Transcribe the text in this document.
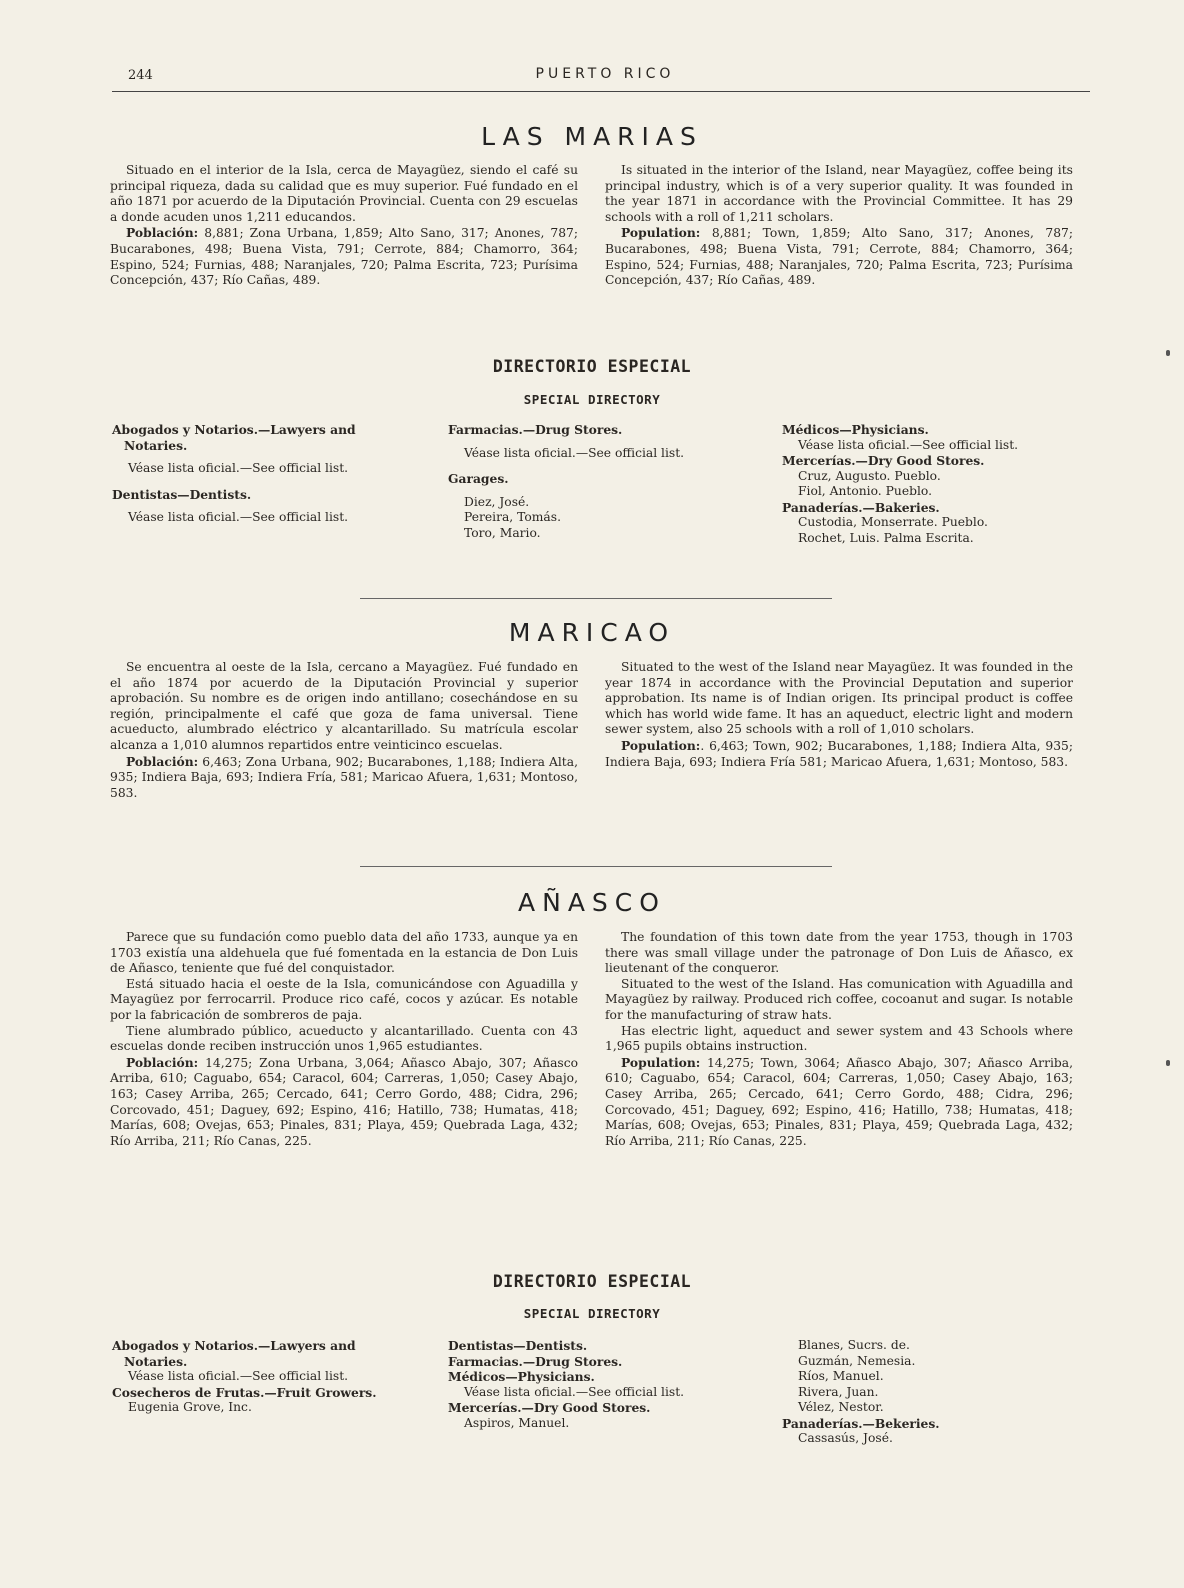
244	PUERTO RICO
LAS MARIAS

Situado en el interior de la Isla, cerca de Mayagüez, siendo el café su principal riqueza, dada su calidad que es muy superior. Fué fundado en el año 1871 por acuerdo de la Diputación Provincial. Cuenta con 29 escuelas a donde acuden unos 1,211 educandos.

Población: 8,881; Zona Urbana, 1,859; Alto Sano, 317; Anones, 787; Bucarabones, 498; Buena Vista, 791; Cerrote, 884; Chamorro, 364; Espino, 524; Furnias, 488; Naranjales, 720; Palma Escrita, 723; Purísima Concepción, 437; Río Cañas, 489.

Is situated in the interior of the Island, near Mayagüez, coffee being its principal industry, which is of a very superior quality. It was founded in the year 1871 in accordance with the Provincial Committee. It has 29 schools with a roll of 1,211 scholars.

Population: 8,881; Town, 1,859; Alto Sano, 317; Anones, 787; Bucarabones, 498; Buena Vista, 791; Cerrote, 884; Chamorro, 364; Espino, 524; Furnias, 488; Naranjales, 720; Palma Escrita, 723; Purísima Concepción, 437; Río Cañas, 489.

DIRECTORIO ESPECIAL
SPECIAL DIRECTORY
Abogados y Notarios.—Lawyers and Notaries.
Véase lista oficial.—See official list.
Dentistas—Dentists.
Véase lista oficial.—See official list.
Farmacias.—Drug Stores.
Véase lista oficial.—See official list.
Garages.
Diez, José.
Pereira, Tomás.
Toro, Mario.
Médicos—Physicians.
Véase lista oficial.—See official list.
Mercerías.—Dry Good Stores.
Cruz, Augusto. Pueblo.
Fiol, Antonio. Pueblo.
Panaderías.—Bakeries.
Custodia, Monserrate. Pueblo.
Rochet, Luis. Palma Escrita.
MARICAO

Se encuentra al oeste de la Isla, cercano a Mayagüez. Fué fundado en el año 1874 por acuerdo de la Diputación Provincial y superior aprobación. Su nombre es de origen indo antillano; cosechándose en su región, principalmente el café que goza de fama universal. Tiene acueducto, alumbrado eléctrico y alcantarillado. Su matrícula escolar alcanza a 1,010 alumnos repartidos entre veinticinco escuelas.

Población: 6,463; Zona Urbana, 902; Bucarabones, 1,188; Indiera Alta, 935; Indiera Baja, 693; Indiera Fría, 581; Maricao Afuera, 1,631; Montoso, 583.

Situated to the west of the Island near Mayagüez. It was founded in the year 1874 in accordance with the Provincial Deputation and superior approbation. Its name is of Indian origen. Its principal product is coffee which has world wide fame. It has an aqueduct, electric light and modern sewer system, also 25 schools with a roll of 1,010 scholars.

Population:. 6,463; Town, 902; Bucarabones, 1,188; Indiera Alta, 935; Indiera Baja, 693; Indiera Fría 581; Maricao Afuera, 1,631; Montoso, 583.

AÑASCO

Parece que su fundación como pueblo data del año 1733, aunque ya en 1703 existía una aldehuela que fué fomentada en la estancia de Don Luis de Añasco, teniente que fué del conquistador.

Está situado hacia el oeste de la Isla, comunicándose con Aguadilla y Mayagüez por ferrocarril. Produce rico café, cocos y azúcar. Es notable por la fabricación de sombreros de paja.

Tiene alumbrado público, acueducto y alcantarillado. Cuenta con 43 escuelas donde reciben instrucción unos 1,965 estudiantes.

Población: 14,275; Zona Urbana, 3,064; Añasco Abajo, 307; Añasco Arriba, 610; Caguabo, 654; Caracol, 604; Carreras, 1,050; Casey Abajo, 163; Casey Arriba, 265; Cercado, 641; Cerro Gordo, 488; Cidra, 296; Corcovado, 451; Daguey, 692; Espino, 416; Hatillo, 738; Humatas, 418; Marías, 608; Ovejas, 653; Pinales, 831; Playa, 459; Quebrada Laga, 432; Río Arriba, 211; Río Canas, 225.

The foundation of this town date from the year 1753, though in 1703 there was small village under the patronage of Don Luis de Añasco, ex lieutenant of the conqueror.

Situated to the west of the Island. Has comunication with Aguadilla and Mayagüez by railway. Produced rich coffee, cocoanut and sugar. Is notable for the manufacturing of straw hats.

Has electric light, aqueduct and sewer system and 43 Schools where 1,965 pupils obtains instruction.

Population: 14,275; Town, 3064; Añasco Abajo, 307; Añasco Arriba, 610; Caguabo, 654; Caracol, 604; Carreras, 1,050; Casey Abajo, 163; Casey Arriba, 265; Cercado, 641; Cerro Gordo, 488; Cidra, 296; Corcovado, 451; Daguey, 692; Espino, 416; Hatillo, 738; Humatas, 418; Marías, 608; Ovejas, 653; Pinales, 831; Playa, 459; Quebrada Laga, 432; Río Arriba, 211; Río Canas, 225.

DIRECTORIO ESPECIAL
SPECIAL DIRECTORY
Abogados y Notarios.—Lawyers and Notaries.
Véase lista oficial.—See official list.
Cosecheros de Frutas.—Fruit Growers.
Eugenia Grove, Inc.
Dentistas—Dentists.
Farmacias.—Drug Stores.
Médicos—Physicians.
Véase lista oficial.—See official list.
Mercerías.—Dry Good Stores.
Aspiros, Manuel.
Blanes, Sucrs. de.
Guzmán, Nemesia.
Ríos, Manuel.
Rivera, Juan.
Vélez, Nestor.
Panaderías.—Bekeries.
Cassasús, José.
